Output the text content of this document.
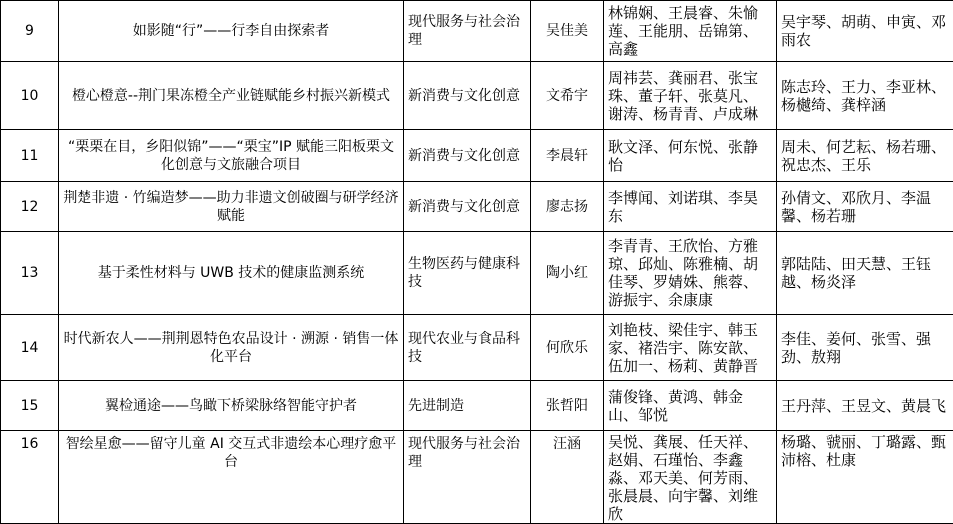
9	如影随“行”——行李自由探索者	现代服务与社会治理	吴佳美	林锦娴、王晨睿、朱愉莲、王能朋、岳锦第、高鑫	吴宇琴、胡萌、申寅、邓雨农
10	橙心橙意--荆门果冻橙全产业链赋能乡村振兴新模式	新消费与文化创意	文希宇	周祎芸、龚丽君、张宝珠、董子轩、张莫凡、谢涛、杨青青、卢成琳	陈志玲、王力、李亚林、杨樾绮、龚梓涵
11	“栗栗在目，乡阳似锦”——“栗宝”IP 赋能三阳板栗文化创意与文旅融合项目	新消费与文化创意	李晨轩	耿文泽、何东悦、张静怡	周未、何艺耘、杨若珊、祝忠杰、王乐
12	荆楚非遗 · 竹编造梦——助力非遗文创破圈与研学经济赋能	新消费与文化创意	廖志扬	李博闻、刘诺琪、李昊东	孙倩文、邓欣月、李温馨、杨若珊
13	基于柔性材料与 UWB 技术的健康监测系统	生物医药与健康科技	陶小红	李青青、王欣怡、方雅琼、邱灿、陈雅楠、胡佳琴、罗婧姝、熊蓉、游振宇、余康康	郭陆陆、田天慧、王钰越、杨炎泽
14	时代新农人——荆荆恩特色农品设计 · 溯源 · 销售一体化平台	现代农业与食品科技	何欣乐	刘艳枝、梁佳宇、韩玉家、褚浩宇、陈安歆、伍加一、杨莉、黄静晋	李佳、姜何、张雪、强劲、敖翔
15	翼检通途——鸟瞰下桥梁脉络智能守护者	先进制造	张哲阳	蒲俊锋、黄鸿、韩金山、邹悦	王丹萍、王昱文、黄晨飞
16	智绘星愈——留守儿童 AI 交互式非遗绘本心理疗愈平台	现代服务与社会治理	汪涵	吴悦、龚展、任天祥、赵娟、石瑾怡、李鑫淼、邓天美、何芳雨、张晨晨、向宇馨、刘维欣	杨璐、虢丽、丁璐露、甄沛榕、杜康
